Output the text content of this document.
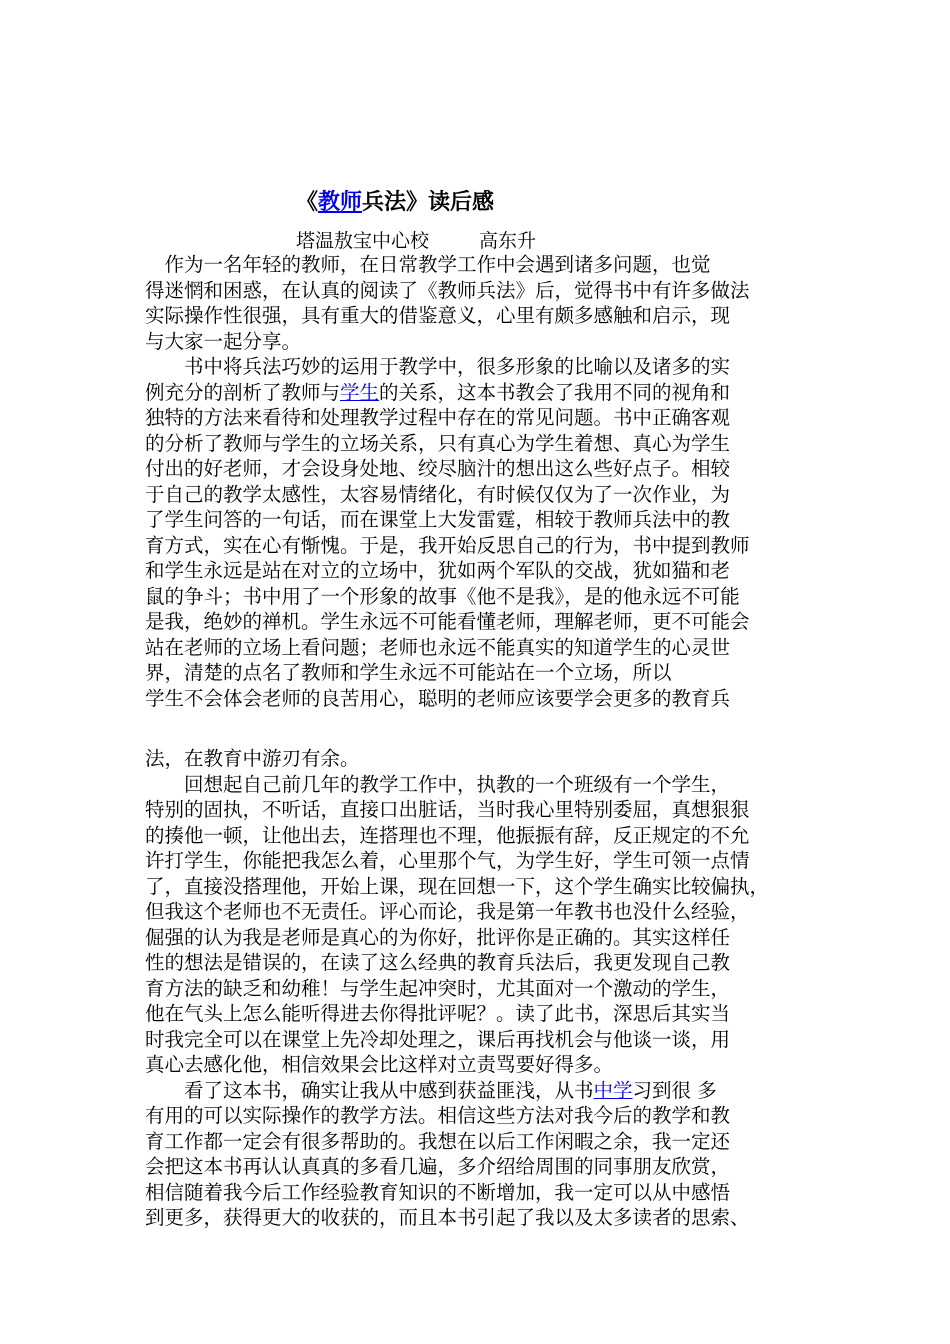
《教师兵法》读后感

塔温敖宝中心校	高东升

　作为一名年轻的教师，在日常教学工作中会遇到诸多问题，也觉
得迷惘和困惑，在认真的阅读了《教师兵法》后，觉得书中有许多做法
实际操作性很强，具有重大的借鉴意义，心里有颇多感触和启示，现
与大家一起分享。
　　书中将兵法巧妙的运用于教学中，很多形象的比喻以及诸多的实
例充分的剖析了教师与学生的关系，这本书教会了我用不同的视角和
独特的方法来看待和处理教学过程中存在的常见问题。书中正确客观
的分析了教师与学生的立场关系，只有真心为学生着想、真心为学生
付出的好老师，才会设身处地、绞尽脑汁的想出这么些好点子。相较
于自己的教学太感性，太容易情绪化，有时候仅仅为了一次作业，为
了学生问答的一句话，而在课堂上大发雷霆，相较于教师兵法中的教
育方式，实在心有惭愧。于是，我开始反思自己的行为，书中提到教师
和学生永远是站在对立的立场中，犹如两个军队的交战，犹如猫和老
鼠的争斗；书中用了一个形象的故事《他不是我》，是的他永远不可能
是我，绝妙的禅机。学生永远不可能看懂老师，理解老师，更不可能会
站在老师的立场上看问题；老师也永远不能真实的知道学生的心灵世
界，清楚的点名了教师和学生永远不可能站在一个立场，所以
学生不会体会老师的良苦用心，聪明的老师应该要学会更多的教育兵
法，在教育中游刃有余。
　　回想起自己前几年的教学工作中，执教的一个班级有一个学生，
特别的固执，不听话，直接口出脏话，当时我心里特别委屈，真想狠狠
的揍他一顿，让他出去，连搭理也不理，他振振有辞，反正规定的不允
许打学生，你能把我怎么着，心里那个气，为学生好，学生可领一点情
了，直接没搭理他，开始上课，现在回想一下，这个学生确实比较偏执，
但我这个老师也不无责任。评心而论，我是第一年教书也没什么经验，
倔强的认为我是老师是真心的为你好，批评你是正确的。其实这样任
性的想法是错误的，在读了这么经典的教育兵法后，我更发现自己教
育方法的缺乏和幼稚！与学生起冲突时，尤其面对一个激动的学生，
他在气头上怎么能听得进去你得批评呢？。读了此书，深思后其实当
时我完全可以在课堂上先冷却处理之，课后再找机会与他谈一谈，用
真心去感化他，相信效果会比这样对立责骂要好得多。
　　看了这本书，确实让我从中感到获益匪浅，从书中学习到很 多
有用的可以实际操作的教学方法。相信这些方法对我今后的教学和教
育工作都一定会有很多帮助的。我想在以后工作闲暇之余，我一定还
会把这本书再认认真真的多看几遍，多介绍给周围的同事朋友欣赏，
相信随着我今后工作经验教育知识的不断增加，我一定可以从中感悟
到更多，获得更大的收获的，而且本书引起了我以及太多读者的思索、
